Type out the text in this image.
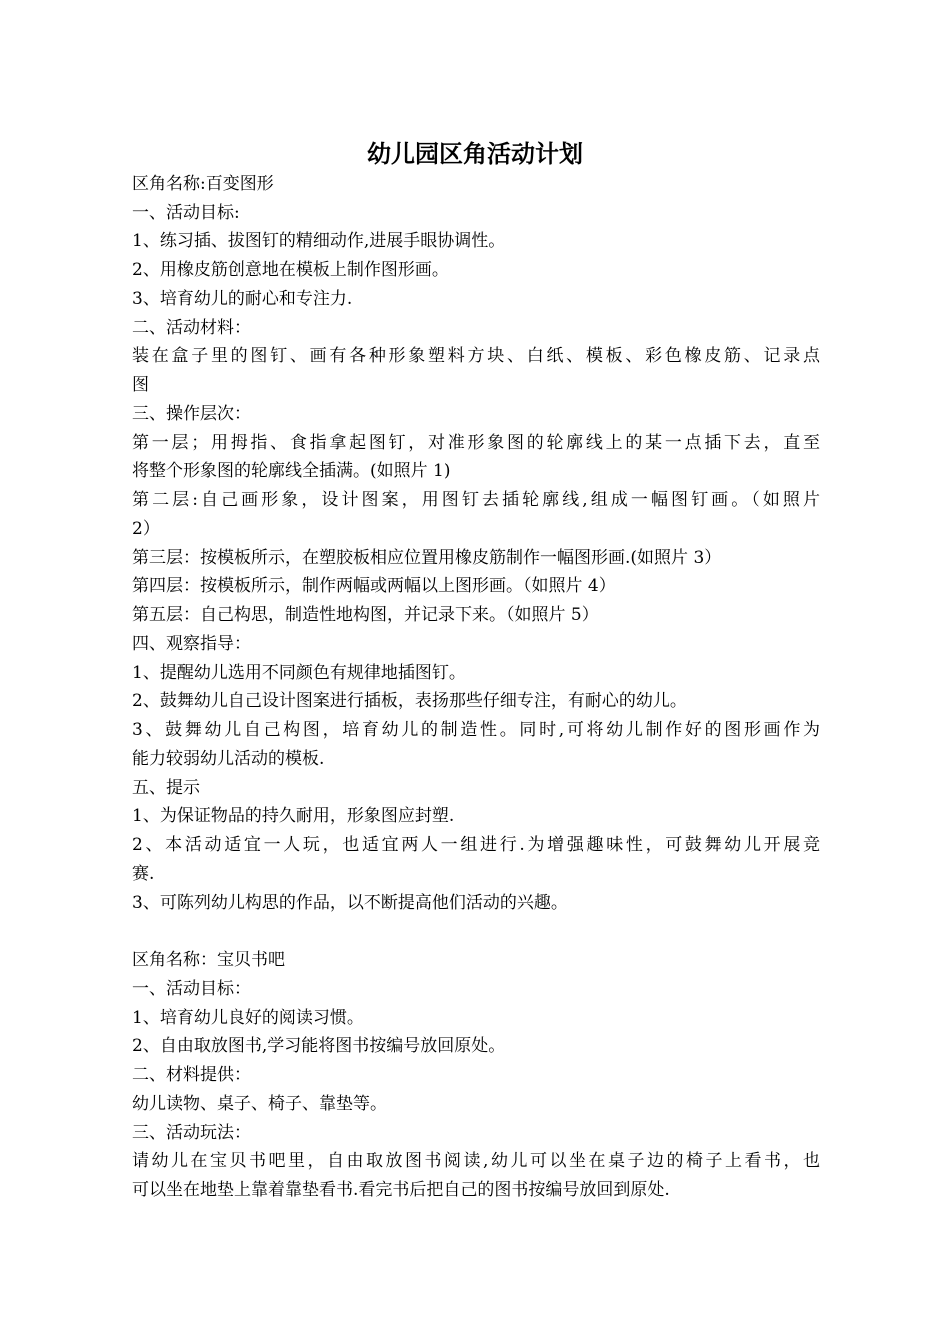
幼儿园区角活动计划
区角名称:百变图形
一、活动目标:
1、练习插、拔图钉的精细动作,进展手眼协调性。
2、用橡皮筋创意地在模板上制作图形画。
3、培育幼儿的耐心和专注力.
二、活动材料：
装在盒子里的图钉、画有各种形象塑料方块、白纸、模板、彩色橡皮筋、记录点
图
三、操作层次：
第一层；用拇指、食指拿起图钉，对准形象图的轮廓线上的某一点插下去，直至
将整个形象图的轮廓线全插满。(如照片 1)
第二层:自己画形象，设计图案，用图钉去插轮廓线,组成一幅图钉画。（如照片
2）
第三层：按模板所示，在塑胶板相应位置用橡皮筋制作一幅图形画.(如照片 3）
第四层：按模板所示，制作两幅或两幅以上图形画。（如照片 4）
第五层：自己构思，制造性地构图，并记录下来。（如照片 5）
四、观察指导：
1、提醒幼儿选用不同颜色有规律地插图钉。
2、鼓舞幼儿自己设计图案进行插板，表扬那些仔细专注，有耐心的幼儿。
3、鼓舞幼儿自己构图，培育幼儿的制造性。同时,可将幼儿制作好的图形画作为
能力较弱幼儿活动的模板.
五、提示
1、为保证物品的持久耐用，形象图应封塑.
2、本活动适宜一人玩，也适宜两人一组进行.为增强趣味性，可鼓舞幼儿开展竞
赛.
3、可陈列幼儿构思的作品，以不断提高他们活动的兴趣。
区角名称：宝贝书吧
一、活动目标：
1、培育幼儿良好的阅读习惯。
2、自由取放图书,学习能将图书按编号放回原处。
二、材料提供：
幼儿读物、桌子、椅子、靠垫等。
三、活动玩法：
请幼儿在宝贝书吧里，自由取放图书阅读,幼儿可以坐在桌子边的椅子上看书，也
可以坐在地垫上靠着靠垫看书.看完书后把自己的图书按编号放回到原处.
